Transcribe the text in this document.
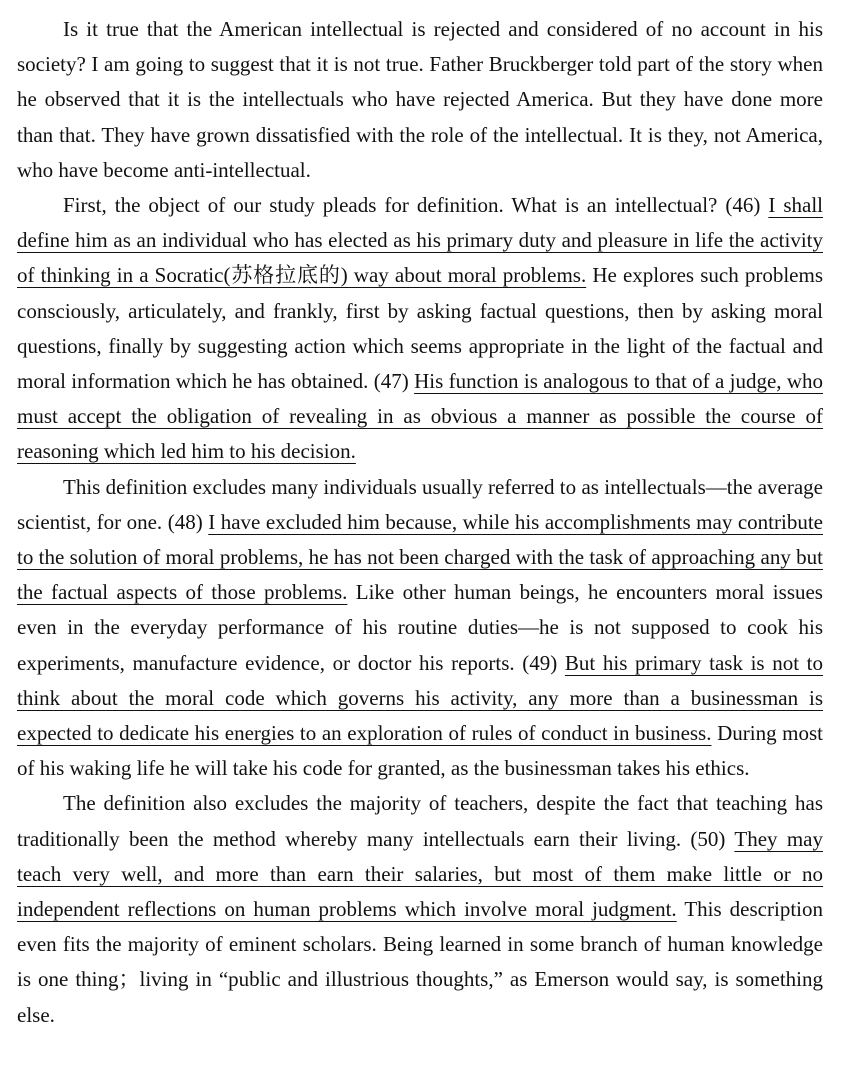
Is it true that the American intellectual is rejected and considered of no account in his society? I am going to suggest that it is not true. Father Bruckberger told part of the story when he observed that it is the intellectuals who have rejected America. But they have done more than that. They have grown dissatisfied with the role of the intellectual. It is they, not America, who have become anti-intellectual.

First, the object of our study pleads for definition. What is an intellectual? (46) I shall define him as an individual who has elected as his primary duty and pleasure in life the activity of thinking in a Socratic(苏格拉底的) way about moral problems. He explores such problems consciously, articulately, and frankly, first by asking factual questions, then by asking moral questions, finally by suggesting action which seems appropriate in the light of the factual and moral information which he has obtained. (47) His function is analogous to that of a judge, who must accept the obligation of revealing in as obvious a manner as possible the course of reasoning which led him to his decision.

This definition excludes many individuals usually referred to as intellectuals—the average scientist, for one. (48) I have excluded him because, while his accomplishments may contribute to the solution of moral problems, he has not been charged with the task of approaching any but the factual aspects of those problems. Like other human beings, he encounters moral issues even in the everyday performance of his routine duties—he is not supposed to cook his experiments, manufacture evidence, or doctor his reports. (49) But his primary task is not to think about the moral code which governs his activity, any more than a businessman is expected to dedicate his energies to an exploration of rules of conduct in business. During most of his waking life he will take his code for granted, as the businessman takes his ethics.

The definition also excludes the majority of teachers, despite the fact that teaching has traditionally been the method whereby many intellectuals earn their living. (50) They may teach very well, and more than earn their salaries, but most of them make little or no independent reflections on human problems which involve moral judgment. This description even fits the majority of eminent scholars. Being learned in some branch of human knowledge is one thing；living in “public and illustrious thoughts,” as Emerson would say, is something else.
